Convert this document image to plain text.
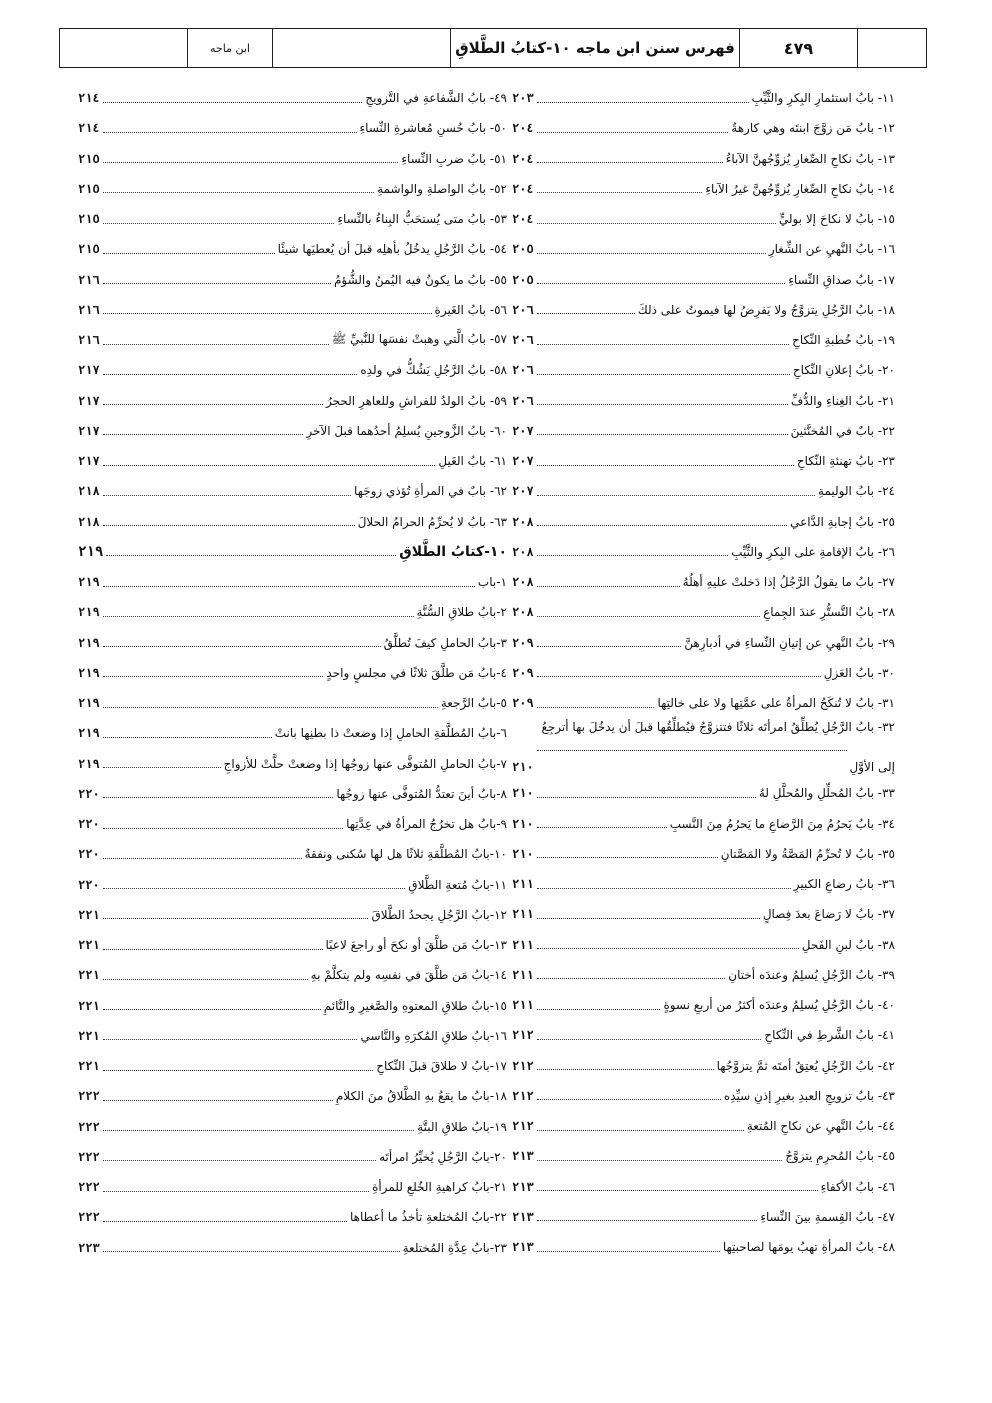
٤٧٩
فهرس سنن ابن ماجه ١٠-كتابُ الطَّلاقِ
ابن ماجه
١١- بابُ استئمارِ البِكرِ والثَّيِّبِ
٢٠٣
١٢- بابُ مَن زوَّجَ ابنتَه وهي كارهةٌ
٢٠٤
١٣- بابُ نكاحِ الصِّغارِ يُزوِّجُهنَّ الآباءُ
٢٠٤
١٤- بابُ نكاحِ الصِّغارِ يُزوِّجُهنَّ غيرُ الآباءِ
٢٠٤
١٥- بابُ لا نكاحَ إلا بوليٍّ
٢٠٤
١٦- بابُ النَّهيِ عن الشِّغارِ
٢٠٥
١٧- بابُ صداقِ النِّساءِ
٢٠٥
١٨- بابُ الرَّجُلِ يتزوَّجُ ولا يَفرِضُ لها فيموتُ على ذلكَ
٢٠٦
١٩- بابُ خُطبةِ النِّكاحِ
٢٠٦
٢٠- بابُ إعلانِ النِّكاحِ
٢٠٦
٢١- بابُ الغِناءِ والدُّفِّ
٢٠٦
٢٢- بابٌ في المُخنَّثينَ
٢٠٧
٢٣- بابُ تهنئةِ النِّكاحِ
٢٠٧
٢٤- بابُ الوليمةِ
٢٠٧
٢٥- بابُ إجابةِ الدَّاعي
٢٠٨
٢٦- بابُ الإقامةِ على البِكرِ والثَّيِّبِ
٢٠٨
٢٧- بابُ ما يقولُ الرَّجُلُ إذا دَخلتْ عليهِ أهلُهُ
٢٠٨
٢٨- بابُ التَّستُّرِ عندَ الجِماعِ
٢٠٨
٢٩- بابُ النَّهيِ عن إتيانِ النِّساءِ في أدبارِهنَّ
٢٠٩
٣٠- بابُ العَزلِ
٢٠٩
٣١- بابُ لا تُنكَحُ المرأةُ على عمَّتِها ولا على خالتِها
٢٠٩
٣٢- بابُ الرَّجُلِ يُطلِّقُ امرأتَه ثلاثًا فتتزوَّجُ فيُطلِّقُها قبلَ أن يدخُلَ بها أترجِعُ
إلى الأوَّلِ
٢١٠
٣٣- بابُ المُحلِّلِ والمُحلَّلِ لهُ
٢١٠
٣٤- بابُ يَحرُمُ مِنَ الرَّضاعِ ما يَحرُمُ مِنَ النَّسبِ
٢١٠
٣٥- بابُ لا تُحرِّمُ المَصَّةُ ولا المَصَّتانِ
٢١٠
٣٦- بابُ رضاعِ الكبيرِ
٢١١
٣٧- بابُ لا رَضاعَ بعدَ فِصالٍ
٢١١
٣٨- بابُ لبنِ الفَحلِ
٢١١
٣٩- بابُ الرَّجُلِ يُسلِمُ وعندَه أختانِ
٢١١
٤٠- بابُ الرَّجُلِ يُسلِمُ وعندَه أكثرُ من أربعِ نسوةٍ
٢١١
٤١- بابُ الشَّرطِ في النِّكاحِ
٢١٢
٤٢- بابُ الرَّجُلِ يُعتِقُ أمتَه ثمَّ يتزوَّجُها
٢١٢
٤٣- بابُ تزويجِ العبدِ بغيرِ إذنِ سيِّدِه
٢١٢
٤٤- بابُ النَّهيِ عن نكاحِ المُتعةِ
٢١٢
٤٥- بابُ المُحرِمِ يتزوَّجُ
٢١٣
٤٦- بابُ الأكفاءِ
٢١٣
٤٧- بابُ القِسمةِ بينَ النِّساءِ
٢١٣
٤٨- بابُ المرأةِ تهبُ يومَها لصاحبتِها
٢١٣
٤٩- بابُ الشَّفاعةِ في التَّزويجِ
٢١٤
٥٠- بابُ حُسنِ مُعاشرةِ النِّساءِ
٢١٤
٥١- بابُ ضربِ النِّساءِ
٢١٥
٥٢- بابُ الواصلةِ والواشمةِ
٢١٥
٥٣- بابُ متى يُستحَبُّ البِناءُ بالنِّساءِ
٢١٥
٥٤- بابُ الرَّجُلِ يدخُلُ بأهلِه قبلَ أن يُعطيَها شيئًا
٢١٥
٥٥- بابُ ما يكونُ فيه اليُمنُ والشُّؤمُ
٢١٦
٥٦- بابُ الغَيرةِ
٢١٦
٥٧- بابُ الَّتي وهبتْ نفسَها للنَّبيِّ ﷺ
٢١٦
٥٨- بابُ الرَّجُلِ يَشُكُّ في ولدِه
٢١٧
٥٩- بابُ الولدُ للفراشِ وللعاهرِ الحجرُ
٢١٧
٦٠- بابُ الزَّوجينِ يُسلِمُ أحدُهما قبلَ الآخرِ
٢١٧
٦١- بابُ الغَيلِ
٢١٧
٦٢- بابٌ في المرأةِ تُؤذي زوجَها
٢١٨
٦٣- بابُ لا يُحرِّمُ الحرامُ الحلالَ
٢١٨
١٠-كتابُ الطَّلاقِ
٢١٩
١-باب
٢١٩
٢-بابُ طلاقِ السُّنَّةِ
٢١٩
٣-بابُ الحاملِ كيفَ تُطلَّقُ
٢١٩
٤-بابُ مَن طلَّقَ ثلاثًا في مجلسٍ واحدٍ
٢١٩
٥-بابُ الرَّجعةِ
٢١٩
٦-بابُ المُطلَّقةِ الحاملِ إذا وضعتْ ذا بطنِها بانتْ
٢١٩
٧-بابُ الحاملِ المُتوفَّى عنها زوجُها إذا وضعتْ حلَّتْ للأزواجِ
٢١٩
٨-بابُ أينَ تعتدُّ المُتوفَّى عنها زوجُها
٢٢٠
٩-بابُ هل تخرُجُ المرأةُ في عِدَّتِها
٢٢٠
١٠-بابُ المُطلَّقةِ ثلاثًا هل لها سُكنى ونفقةٌ
٢٢٠
١١-بابُ مُتعةِ الطَّلاقِ
٢٢٠
١٢-بابُ الرَّجُلِ يجحدُ الطَّلاقَ
٢٢١
١٣-بابُ مَن طلَّقَ أو نكحَ أو راجعَ لاعبًا
٢٢١
١٤-بابُ مَن طلَّقَ في نفسِه ولم يتكلَّمْ بهِ
٢٢١
١٥-بابُ طلاقِ المعتوهِ والصَّغيرِ والنَّائمِ
٢٢١
١٦-بابُ طلاقِ المُكرَهِ والنَّاسي
٢٢١
١٧-بابُ لا طلاقَ قبلَ النِّكاحِ
٢٢١
١٨-بابُ ما يقعُ بهِ الطَّلاقُ منَ الكلامِ
٢٢٢
١٩-بابُ طلاقِ البتَّةِ
٢٢٢
٢٠-بابُ الرَّجُلِ يُخيِّرُ امرأتَه
٢٢٢
٢١-بابُ كراهيةِ الخُلعِ للمرأةِ
٢٢٢
٢٢-بابُ المُختلعةِ تأخذُ ما أعطاها
٢٢٢
٢٣-بابُ عِدَّةِ المُختلعةِ
٢٢٣
